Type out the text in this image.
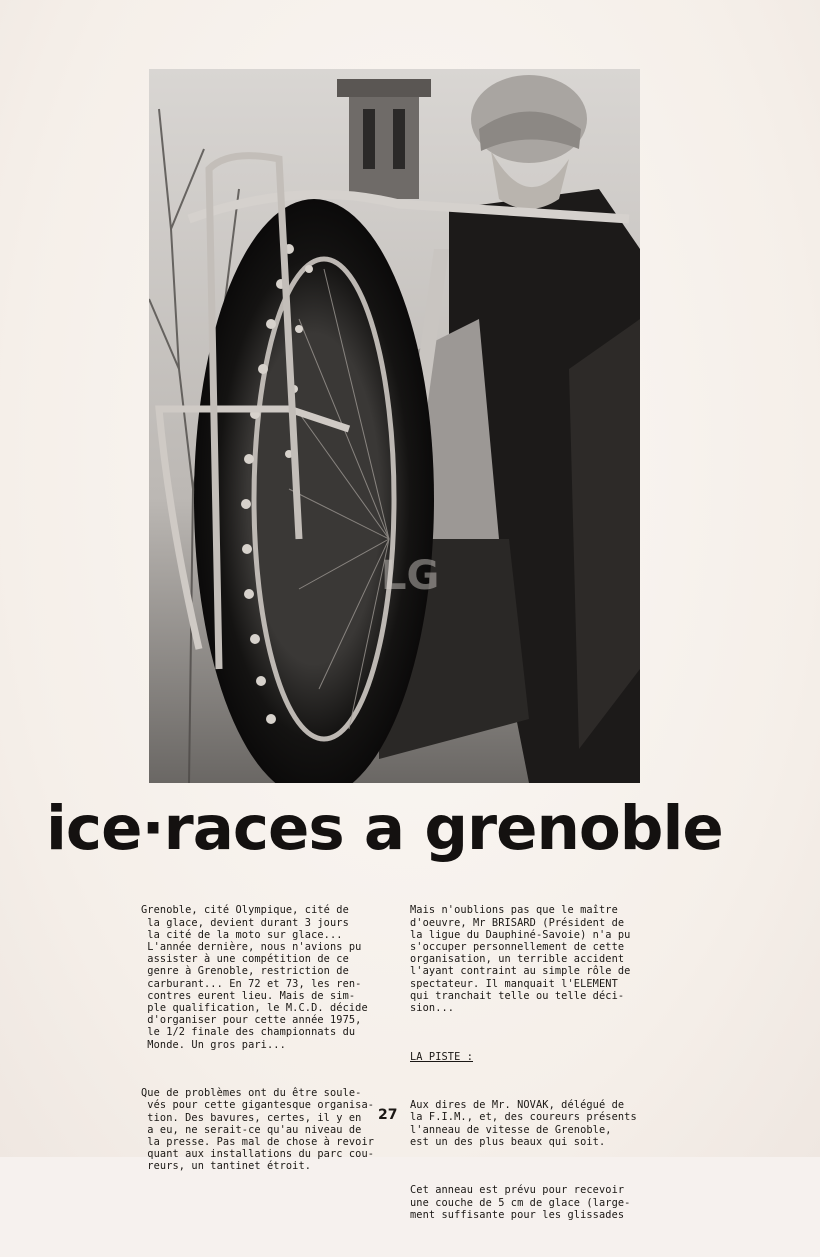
LG
ice·races a grenoble

Grenoble, cité Olympique, cité de
la glace, devient durant 3 jours
la cité de la moto sur glace...
L'année dernière, nous n'avions pu
assister à une compétition de ce
genre à Grenoble, restriction de
carburant... En 72 et 73, les ren-
contres eurent lieu. Mais de sim-
ple qualification, le M.C.D. décide
d'organiser pour cette année 1975,
le 1/2 finale des championnats du
Monde. Un gros pari...

Que de problèmes ont du être soule-
vés pour cette gigantesque organisa-
tion. Des bavures, certes, il y en
a eu, ne serait-ce qu'au niveau de
la presse. Pas mal de chose à revoir
quant aux installations du parc cou-
reurs, un tantinet étroit.

Mais n'oublions pas que le maître
d'oeuvre, Mr BRISARD (Président de
la ligue du Dauphiné-Savoie) n'a pu
s'occuper personnellement de cette
organisation, un terrible accident
l'ayant contraint au simple rôle de
spectateur. Il manquait l'ELEMENT
qui tranchait telle ou telle déci-
sion...

LA PISTE :

Aux dires de Mr. NOVAK, délégué de
la F.I.M., et, des coureurs présents
l'anneau de vitesse de Grenoble,
est un des plus beaux qui soit.

Cet anneau est prévu pour recevoir
une couche de 5 cm de glace (large-
ment suffisante pour les glissades

27
